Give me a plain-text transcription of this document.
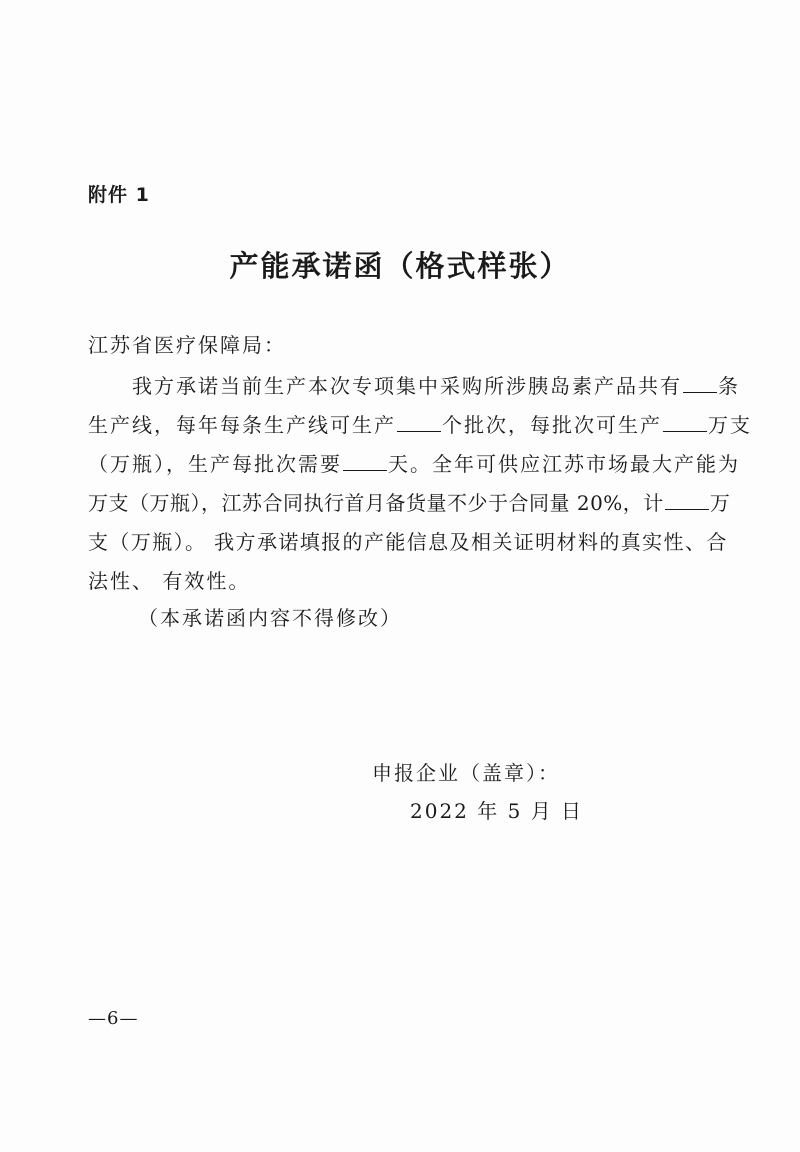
附件 1
产能承诺函（格式样张）
江苏省医疗保障局：
我方承诺当前生产本次专项集中采购所涉胰岛素产品共有 条
生产线，每年每条生产线可生产 个批次，每批次可生产 万支
（万瓶），生产每批次需要 天。全年可供应江苏市场最大产能为
万支（万瓶），江苏合同执行首月备货量不少于合同量 20%，计 万
支（万瓶）。 我方承诺填报的产能信息及相关证明材料的真实性、合
法性、 有效性。
（本承诺函内容不得修改）
申报企业（盖章）：
2022 年 5 月 日
—6—
